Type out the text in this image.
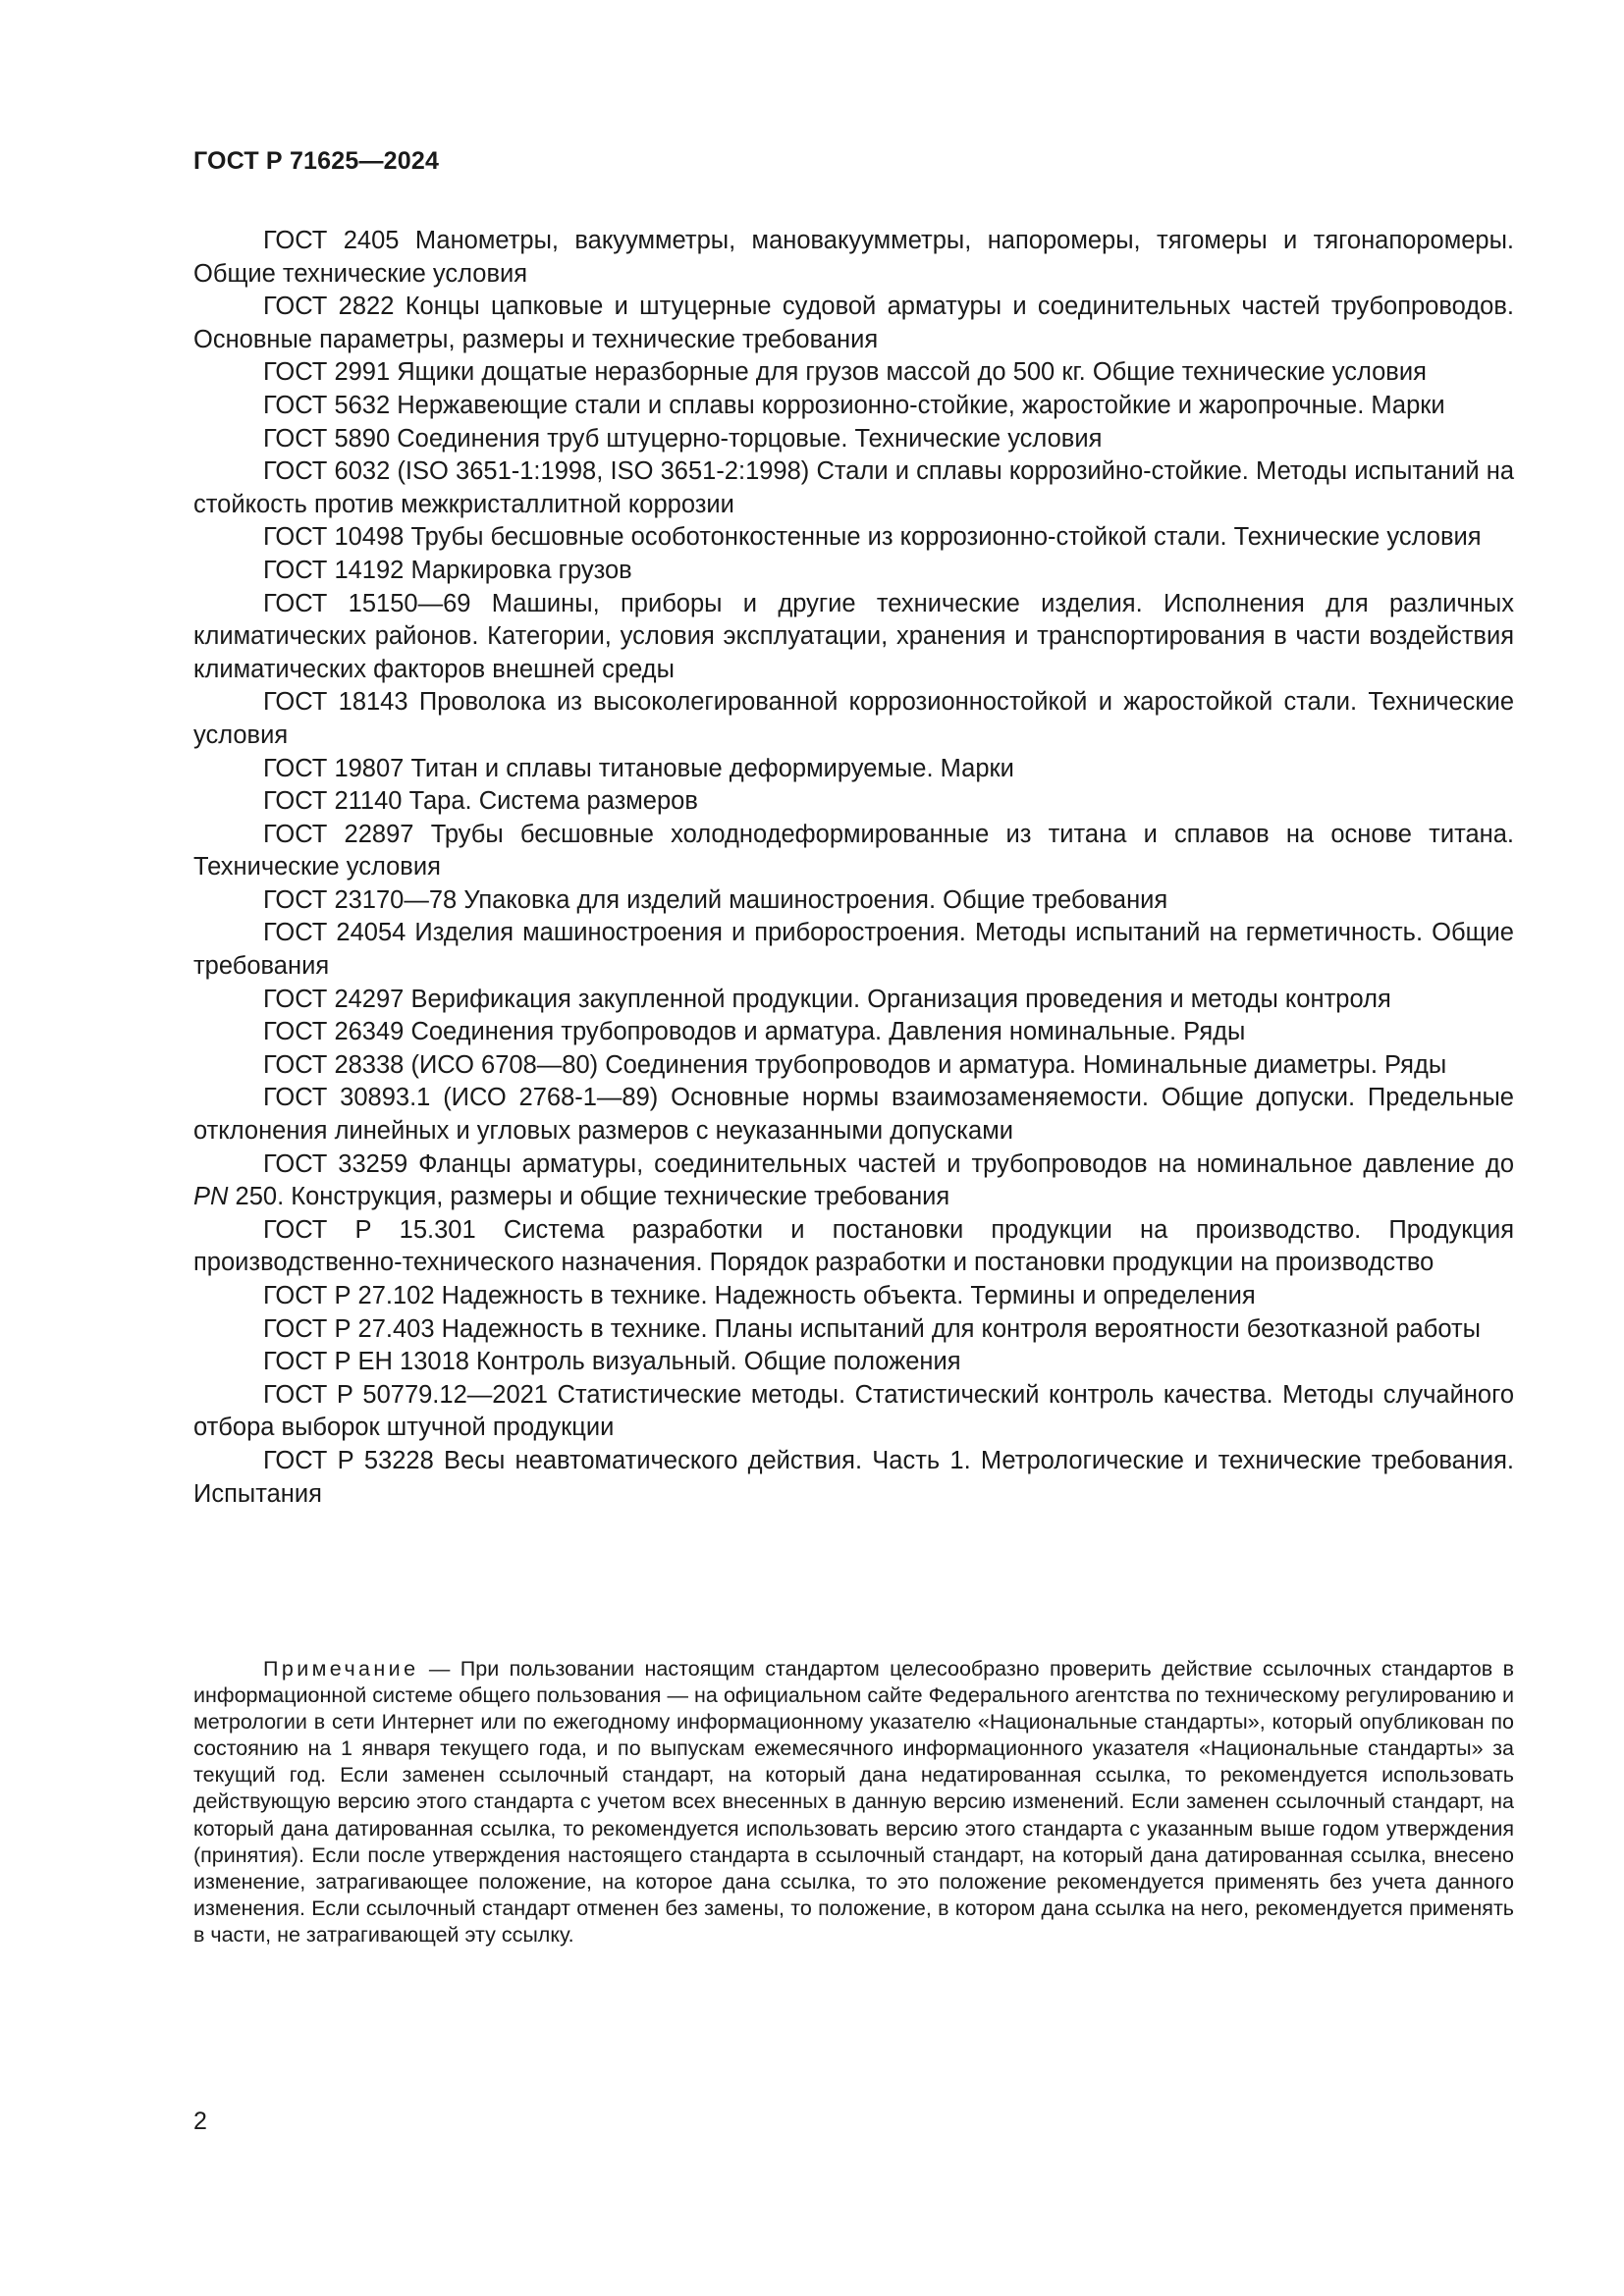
ГОСТ Р 71625—2024

ГОСТ 2405 Манометры, вакуумметры, мановакуумметры, напоромеры, тягомеры и тягонапоромеры. Общие технические условия

ГОСТ 2822 Концы цапковые и штуцерные судовой арматуры и соединительных частей трубопроводов. Основные параметры, размеры и технические требования

ГОСТ 2991 Ящики дощатые неразборные для грузов массой до 500 кг. Общие технические условия

ГОСТ 5632 Нержавеющие стали и сплавы коррозионно-стойкие, жаростойкие и жаропрочные. Марки

ГОСТ 5890 Соединения труб штуцерно-торцовые. Технические условия

ГОСТ 6032 (ISO 3651-1:1998, ISO 3651-2:1998) Стали и сплавы коррозийно-стойкие. Методы испытаний на стойкость против межкристаллитной коррозии

ГОСТ 10498 Трубы бесшовные особотонкостенные из коррозионно-стойкой стали. Технические условия

ГОСТ 14192 Маркировка грузов

ГОСТ 15150—69 Машины, приборы и другие технические изделия. Исполнения для различных климатических районов. Категории, условия эксплуатации, хранения и транспортирования в части воздействия климатических факторов внешней среды

ГОСТ 18143 Проволока из высоколегированной коррозионностойкой и жаростойкой стали. Технические условия

ГОСТ 19807 Титан и сплавы титановые деформируемые. Марки

ГОСТ 21140 Тара. Система размеров

ГОСТ 22897 Трубы бесшовные холоднодеформированные из титана и сплавов на основе титана. Технические условия

ГОСТ 23170—78 Упаковка для изделий машиностроения. Общие требования

ГОСТ 24054 Изделия машиностроения и приборостроения. Методы испытаний на герметичность. Общие требования

ГОСТ 24297 Верификация закупленной продукции. Организация проведения и методы контроля

ГОСТ 26349 Соединения трубопроводов и арматура. Давления номинальные. Ряды

ГОСТ 28338 (ИСО 6708—80) Соединения трубопроводов и арматура. Номинальные диаметры. Ряды

ГОСТ 30893.1 (ИСО 2768-1—89) Основные нормы взаимозаменяемости. Общие допуски. Предельные отклонения линейных и угловых размеров с неуказанными допусками

ГОСТ 33259 Фланцы арматуры, соединительных частей и трубопроводов на номинальное давление до PN 250. Конструкция, размеры и общие технические требования

ГОСТ Р 15.301 Система разработки и постановки продукции на производство. Продукция производственно-технического назначения. Порядок разработки и постановки продукции на производство

ГОСТ Р 27.102 Надежность в технике. Надежность объекта. Термины и определения

ГОСТ Р 27.403 Надежность в технике. Планы испытаний для контроля вероятности безотказной работы

ГОСТ Р ЕН 13018 Контроль визуальный. Общие положения

ГОСТ Р 50779.12—2021 Статистические методы. Статистический контроль качества. Методы случайного отбора выборок штучной продукции

ГОСТ Р 53228 Весы неавтоматического действия. Часть 1. Метрологические и технические требования. Испытания

Примечание — При пользовании настоящим стандартом целесообразно проверить действие ссылочных стандартов в информационной системе общего пользования — на официальном сайте Федерального агентства по техническому регулированию и метрологии в сети Интернет или по ежегодному информационному указателю «Национальные стандарты», который опубликован по состоянию на 1 января текущего года, и по выпускам ежемесячного информационного указателя «Национальные стандарты» за текущий год. Если заменен ссылочный стандарт, на который дана недатированная ссылка, то рекомендуется использовать действующую версию этого стандарта с учетом всех внесенных в данную версию изменений. Если заменен ссылочный стандарт, на который дана датированная ссылка, то рекомендуется использовать версию этого стандарта с указанным выше годом утверждения (принятия). Если после утверждения настоящего стандарта в ссылочный стандарт, на который дана датированная ссылка, внесено изменение, затрагивающее положение, на которое дана ссылка, то это положение рекомендуется применять без учета данного изменения. Если ссылочный стандарт отменен без замены, то положение, в котором дана ссылка на него, рекомендуется применять в части, не затрагивающей эту ссылку.

2
